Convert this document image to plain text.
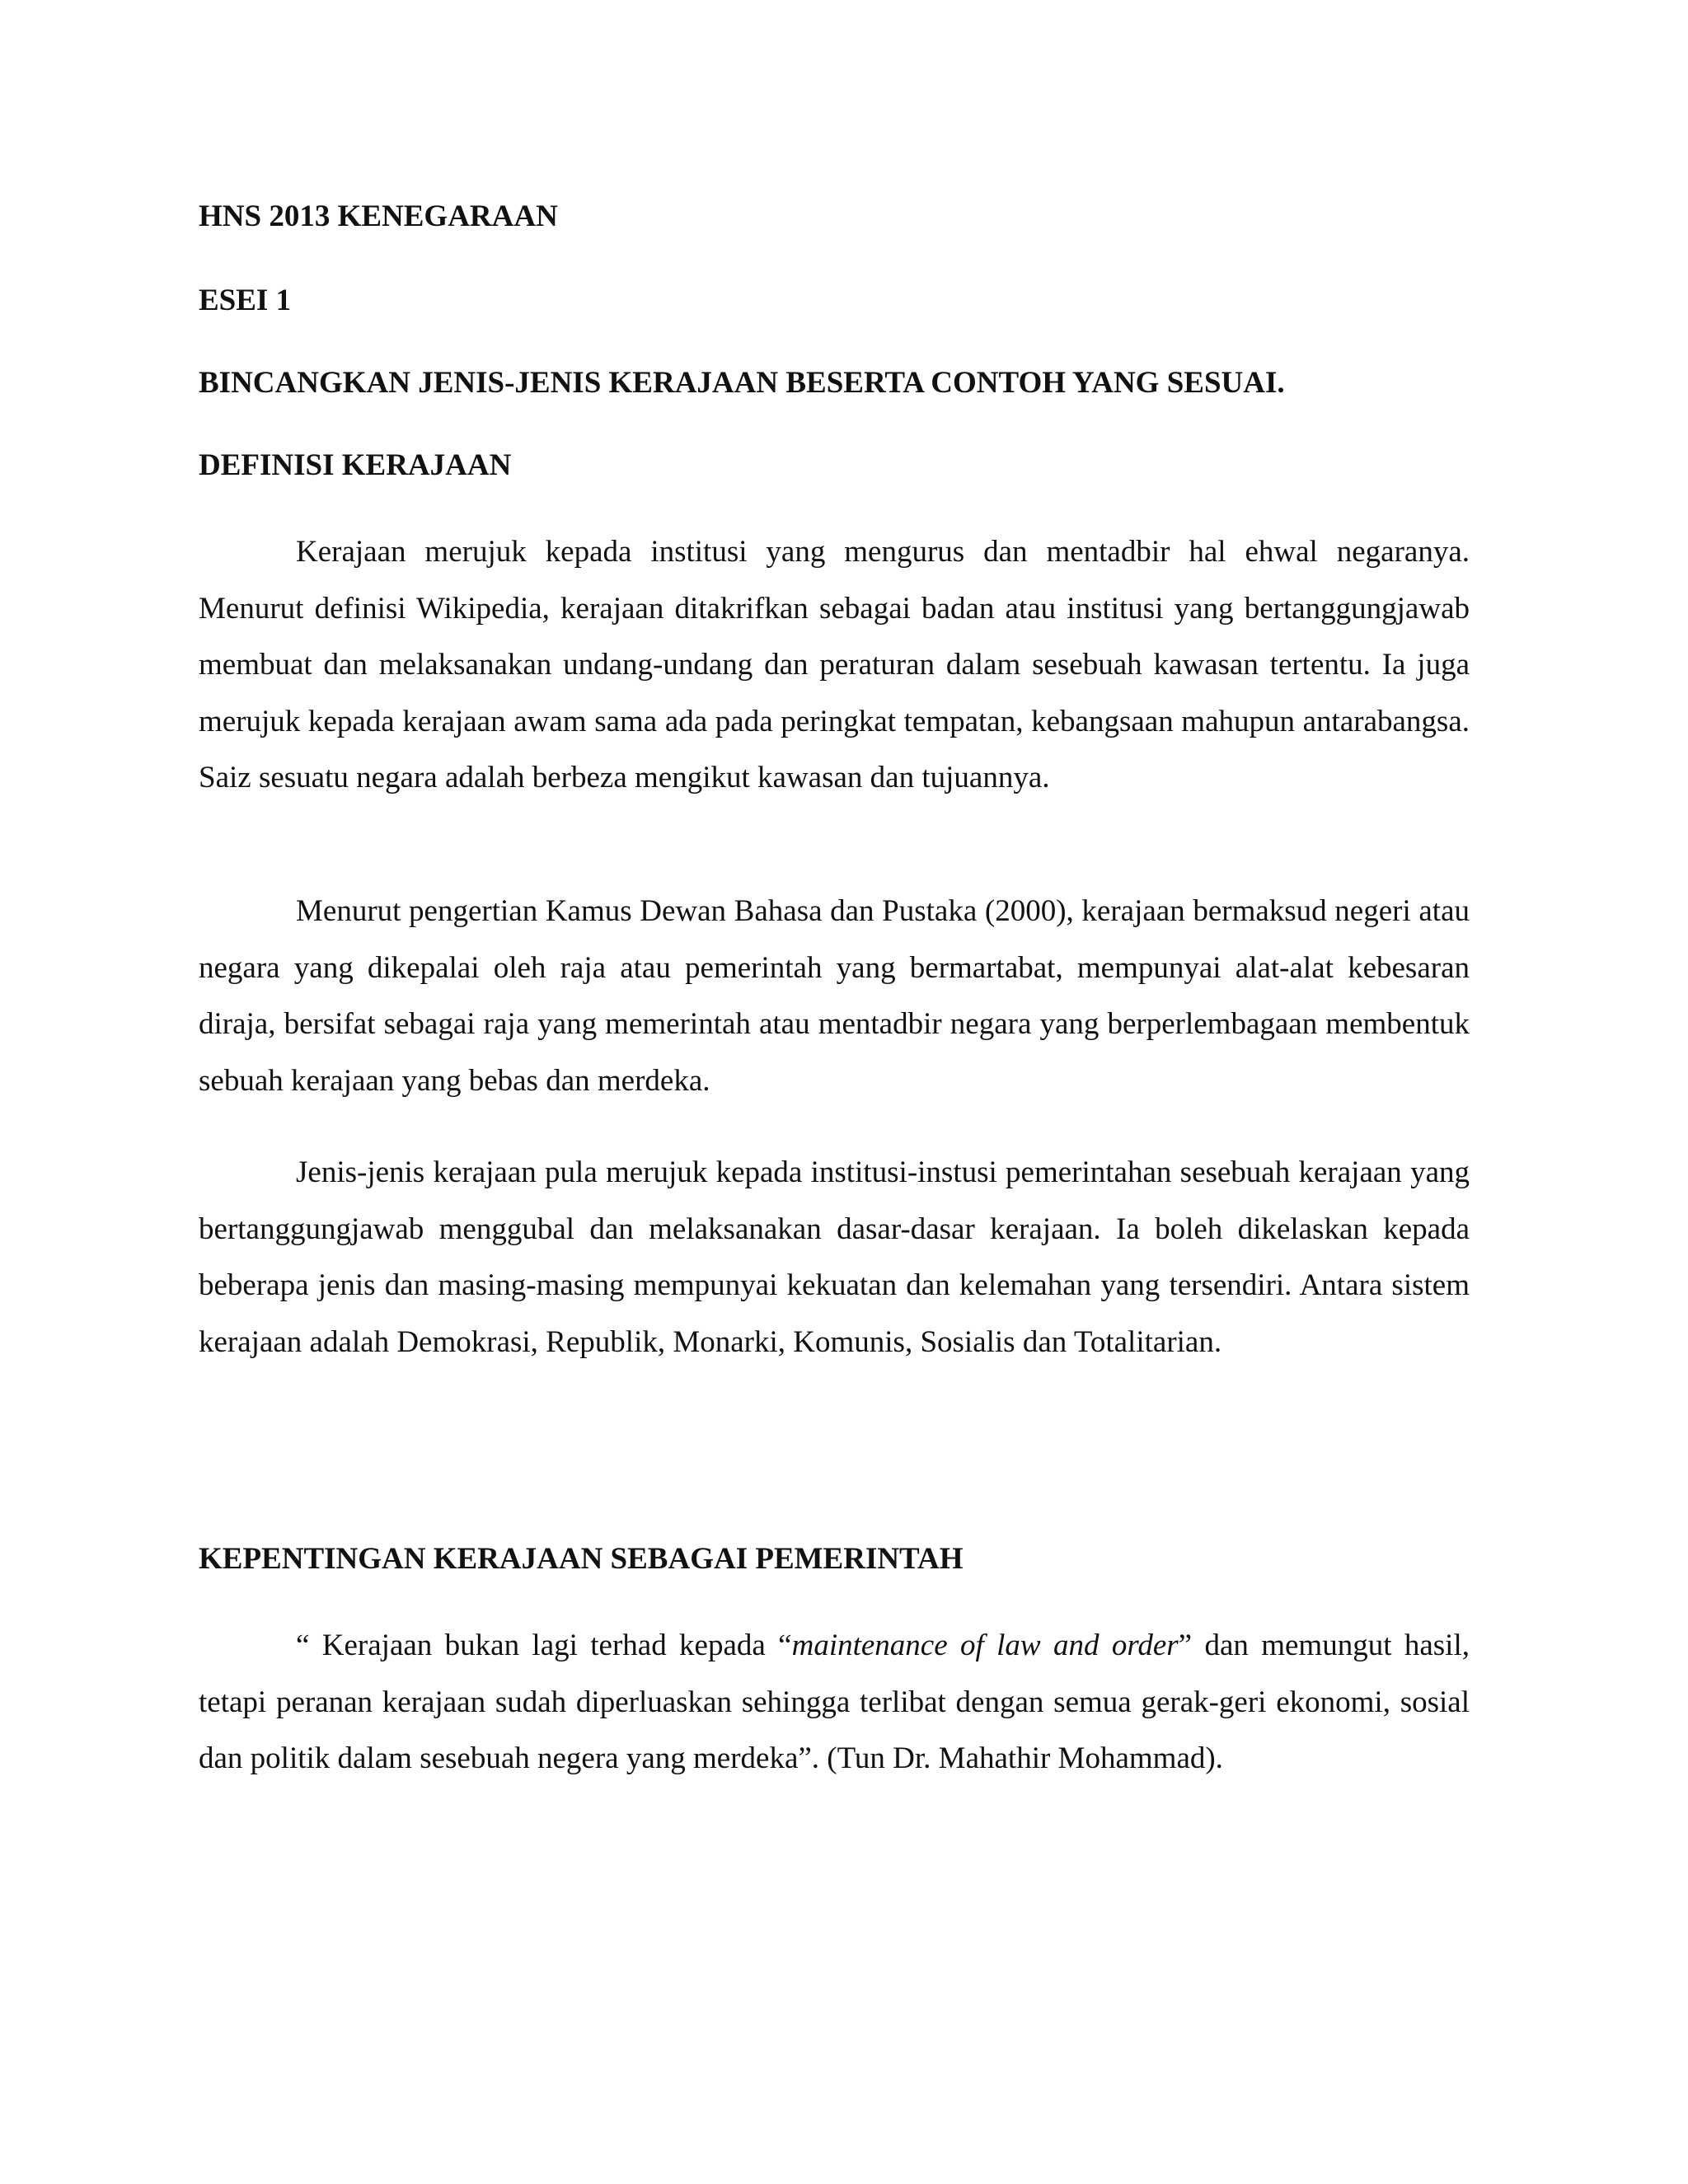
HNS 2013 KENEGARAAN

ESEI 1

BINCANGKAN JENIS-JENIS KERAJAAN BESERTA CONTOH YANG SESUAI.

DEFINISI KERAJAAN

Kerajaan merujuk kepada institusi yang mengurus dan mentadbir hal ehwal negaranya. Menurut definisi Wikipedia, kerajaan ditakrifkan sebagai badan atau institusi yang bertanggungjawab membuat dan melaksanakan undang-undang dan peraturan dalam sesebuah kawasan tertentu. Ia juga merujuk kepada kerajaan awam sama ada pada peringkat tempatan, kebangsaan mahupun antarabangsa. Saiz sesuatu negara adalah berbeza mengikut kawasan dan tujuannya.

Menurut pengertian Kamus Dewan Bahasa dan Pustaka (2000), kerajaan bermaksud negeri atau negara yang dikepalai oleh raja atau pemerintah yang bermartabat, mempunyai alat-alat kebesaran diraja, bersifat sebagai raja yang memerintah atau mentadbir negara yang berperlembagaan membentuk sebuah kerajaan yang bebas dan merdeka.

Jenis-jenis kerajaan pula merujuk kepada institusi-instusi pemerintahan sesebuah kerajaan yang bertanggungjawab menggubal dan melaksanakan dasar-dasar kerajaan. Ia boleh dikelaskan kepada beberapa jenis dan masing-masing mempunyai kekuatan dan kelemahan yang tersendiri. Antara sistem kerajaan adalah Demokrasi, Republik, Monarki, Komunis, Sosialis dan Totalitarian.

KEPENTINGAN KERAJAAN SEBAGAI PEMERINTAH

“ Kerajaan bukan lagi terhad kepada “maintenance of law and order” dan memungut hasil, tetapi peranan kerajaan sudah diperluaskan sehingga terlibat dengan semua gerak-geri ekonomi, sosial dan politik dalam sesebuah negera yang merdeka”. (Tun Dr. Mahathir Mohammad).
